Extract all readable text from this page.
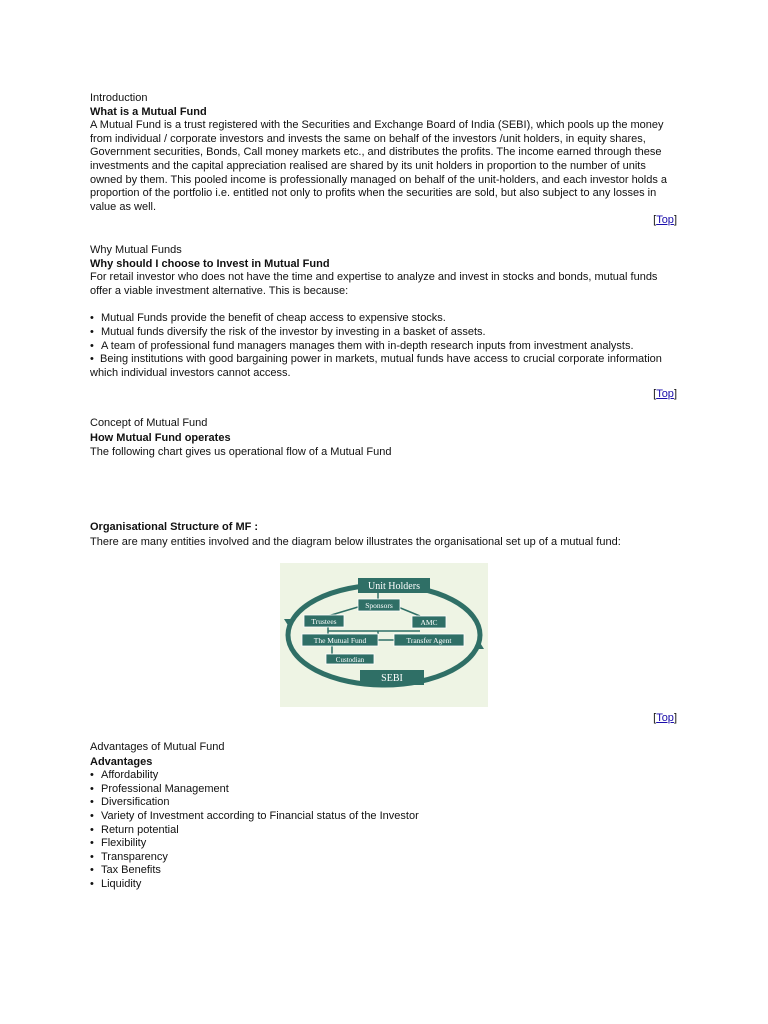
Introduction

What is a Mutual Fund

A Mutual Fund is a trust registered with the Securities and Exchange Board of India (SEBI), which pools up the money from individual / corporate investors and invests the same on behalf of the investors /unit holders, in equity shares, Government securities, Bonds, Call money markets etc., and distributes the profits. The income earned through these investments and the capital appreciation realised are shared by its unit holders in proportion to the number of units owned by them. This pooled income is professionally managed on behalf of the unit-holders, and each investor holds a proportion of the portfolio i.e. entitled not only to profits when the securities are sold, but also subject to any losses in value as well.

[Top]

Why Mutual Funds

Why should I choose to Invest in Mutual Fund

For retail investor who does not have the time and expertise to analyze and invest in stocks and bonds, mutual funds offer a viable investment alternative. This is because:

• Mutual Funds provide the benefit of cheap access to expensive stocks.
• Mutual funds diversify the risk of the investor by investing in a basket of assets.
• A team of professional fund managers manages them with in-depth research inputs from investment analysts.
• Being institutions with good bargaining power in markets, mutual funds have access to crucial corporate information which individual investors cannot access.
[Top]

Concept of Mutual Fund

How Mutual Fund operates

The following chart gives us operational flow of a Mutual Fund

Organisational Structure of MF :

There are many entities involved and the diagram below illustrates the organisational set up of a mutual fund:

Unit Holders
Sponsors
Trustees	AMC
The Mutual Fund	Transfer Agent
Custodian
SEBI
[Top]

Advantages of Mutual Fund

Advantages

• Affordability
• Professional Management
• Diversification
• Variety of Investment according to Financial status of the Investor
• Return potential
• Flexibility
• Transparency
• Tax Benefits
• Liquidity
